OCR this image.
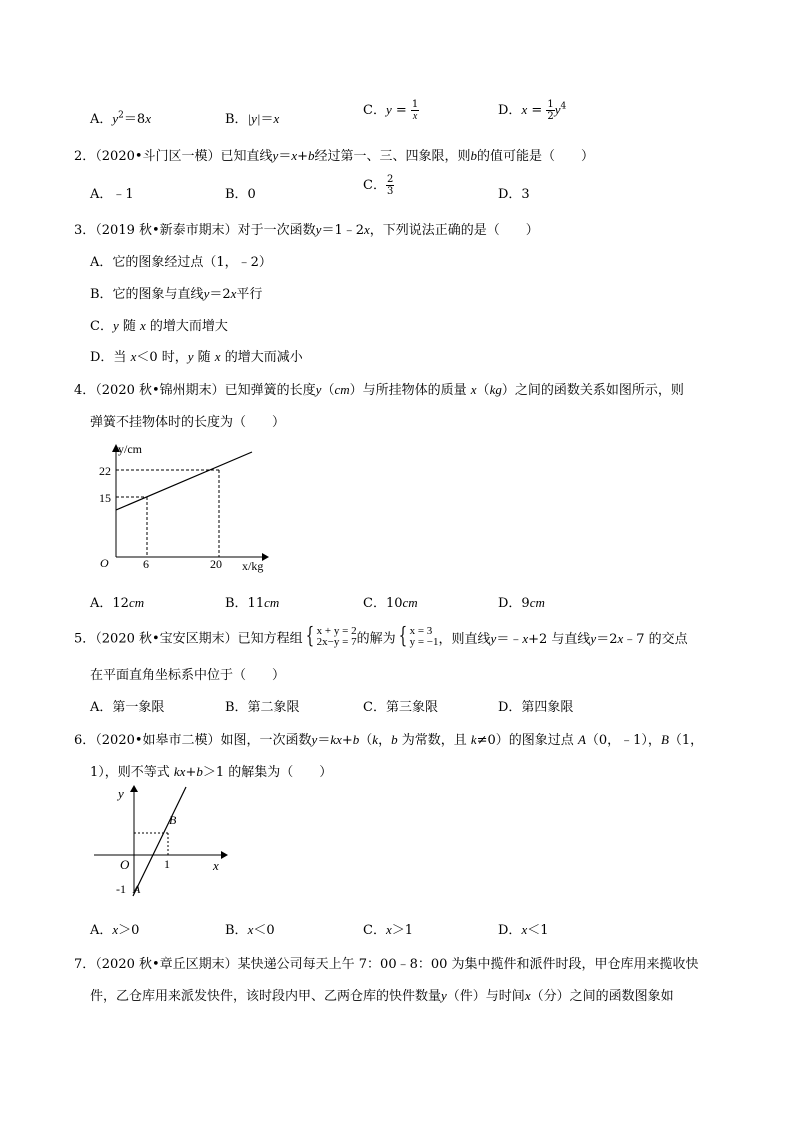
A．$y^2=8x$	B．|y|＝x
C．$y = \frac{1}{x}$	D．$x = \frac{1}{2} y^4$
2．（2020•斗门区一模）已知直线y＝x+b经过第一、三、四象限，则b的值可能是（　　）
A．﹣1	B．0
C． $\frac{2}{3}$	D．3
3．（2019 秋•新泰市期末）对于一次函数y＝1﹣2x，下列说法正确的是（　　）
A．它的图象经过点（1，﹣2）
B．它的图象与直线y＝2x平行
C．y 随 x 的增大而增大
D．当 x＜0 时，y 随 x 的增大而减小
4．（2020 秋•锦州期末）已知弹簧的长度y（cm）与所挂物体的质量 x（kg）之间的函数关系如图所示，则
弹簧不挂物体时的长度为（　　）
y/cm
22
15
O	6	20 x/kg
A．12cm	B．11cm	C．10cm	D．9cm
5．（2020 秋•宝安区期末）已知方程组 { x + y = 2
2x−y = 7 的解为 { x = 3
y = −1 ，则直线y＝﹣x+2 与直线y＝2x﹣7 的交点
在平面直角坐标系中位于（　　）
A．第一象限	B．第二象限	C．第三象限	D．第四象限
6．（2020•如皋市二模）如图，一次函数y＝kx+b（k，b 为常数，且 k≠0）的图象过点 A（0，﹣1），B（1，
1），则不等式 kx+b＞1 的解集为（　　）
y
x
O	1
B
-1 A
A．x＞0	B．x＜0	C．x＞1	D．x＜1
7．（2020 秋•章丘区期末）某快递公司每天上午 7：00﹣8：00 为集中揽件和派件时段，甲仓库用来揽收快
件，乙仓库用来派发快件，该时段内甲、乙两仓库的快件数量y（件）与时间x（分）之间的函数图象如
